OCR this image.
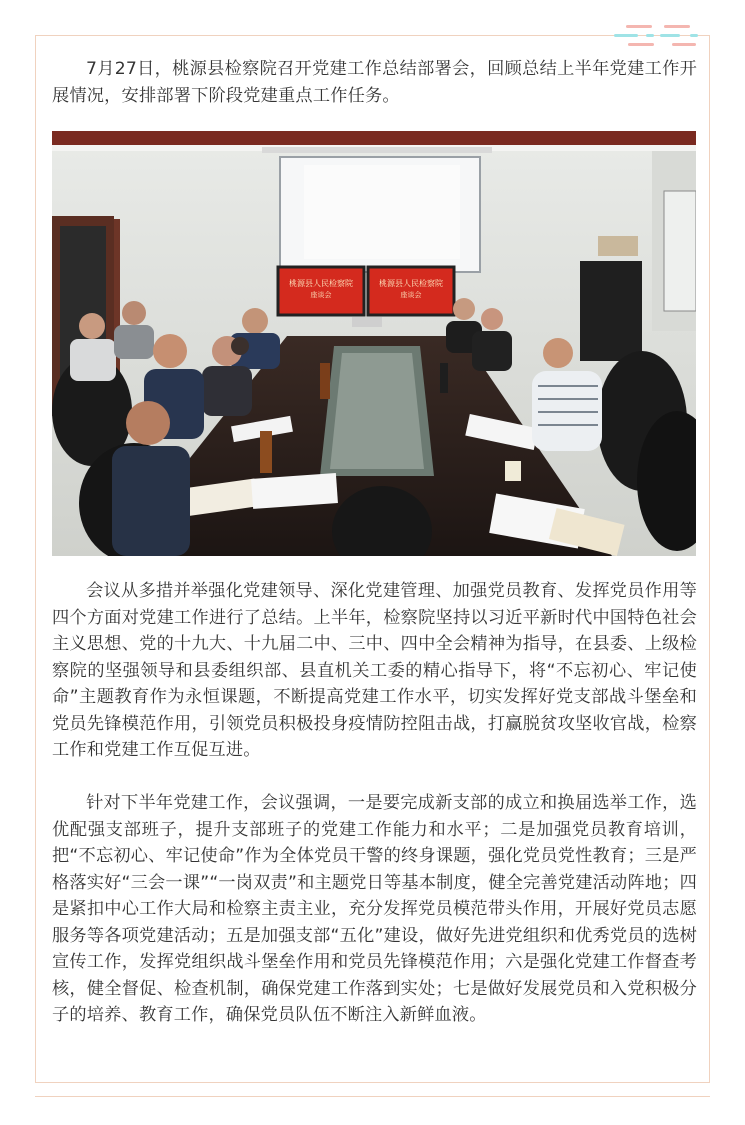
7月27日，桃源县检察院召开党建工作总结部署会，回顾总结上半年党建工作开展情况，安排部署下阶段党建重点工作任务。

桃源县人民检察院
座谈会
桃源县人民检察院
座谈会

会议从多措并举强化党建领导、深化党建管理、加强党员教育、发挥党员作用等四个方面对党建工作进行了总结。上半年，检察院坚持以习近平新时代中国特色社会主义思想、党的十九大、十九届二中、三中、四中全会精神为指导，在县委、上级检察院的坚强领导和县委组织部、县直机关工委的精心指导下，将“不忘初心、牢记使命”主题教育作为永恒课题，不断提高党建工作水平，切实发挥好党支部战斗堡垒和党员先锋模范作用，引领党员积极投身疫情防控阻击战，打赢脱贫攻坚收官战，检察工作和党建工作互促互进。

针对下半年党建工作，会议强调，一是要完成新支部的成立和换届选举工作，选优配强支部班子，提升支部班子的党建工作能力和水平；二是加强党员教育培训，把“不忘初心、牢记使命”作为全体党员干警的终身课题，强化党员党性教育；三是严格落实好“三会一课”“一岗双责”和主题党日等基本制度，健全完善党建活动阵地；四是紧扣中心工作大局和检察主责主业，充分发挥党员模范带头作用，开展好党员志愿服务等各项党建活动；五是加强支部“五化”建设，做好先进党组织和优秀党员的选树宣传工作，发挥党组织战斗堡垒作用和党员先锋模范作用；六是强化党建工作督查考核，健全督促、检查机制，确保党建工作落到实处；七是做好发展党员和入党积极分子的培养、教育工作，确保党员队伍不断注入新鲜血液。
